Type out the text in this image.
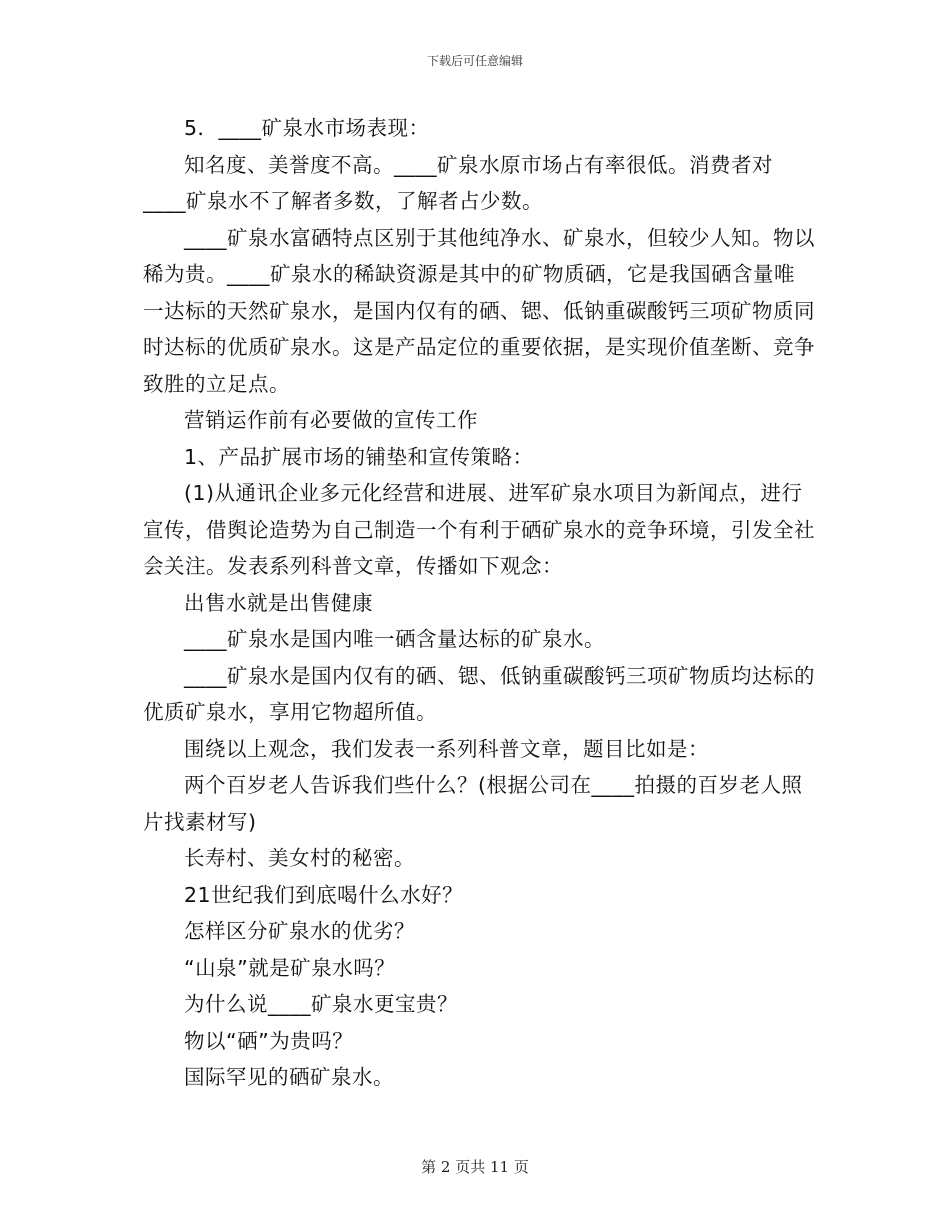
下载后可任意编辑

5．____矿泉水市场表现：

知名度、美誉度不高。____矿泉水原市场占有率很低。消费者对____矿泉水不了解者多数，了解者占少数。

____矿泉水富硒特点区别于其他纯净水、矿泉水，但较少人知。物以稀为贵。____矿泉水的稀缺资源是其中的矿物质硒，它是我国硒含量唯一达标的天然矿泉水，是国内仅有的硒、锶、低钠重碳酸钙三项矿物质同时达标的优质矿泉水。这是产品定位的重要依据，是实现价值垄断、竞争致胜的立足点。

营销运作前有必要做的宣传工作

1、产品扩展市场的铺垫和宣传策略：

(1)从通讯企业多元化经营和进展、进军矿泉水项目为新闻点，进行宣传，借舆论造势为自己制造一个有利于硒矿泉水的竞争环境，引发全社会关注。发表系列科普文章，传播如下观念：

出售水就是出售健康

____矿泉水是国内唯一硒含量达标的矿泉水。

____矿泉水是国内仅有的硒、锶、低钠重碳酸钙三项矿物质均达标的优质矿泉水，享用它物超所值。

围绕以上观念，我们发表一系列科普文章，题目比如是：

两个百岁老人告诉我们些什么？(根据公司在____拍摄的百岁老人照片找素材写)

长寿村、美女村的秘密。

21世纪我们到底喝什么水好？

怎样区分矿泉水的优劣？

“山泉”就是矿泉水吗？

为什么说____矿泉水更宝贵？

物以“硒”为贵吗？

国际罕见的硒矿泉水。

第 2 页共 11 页
